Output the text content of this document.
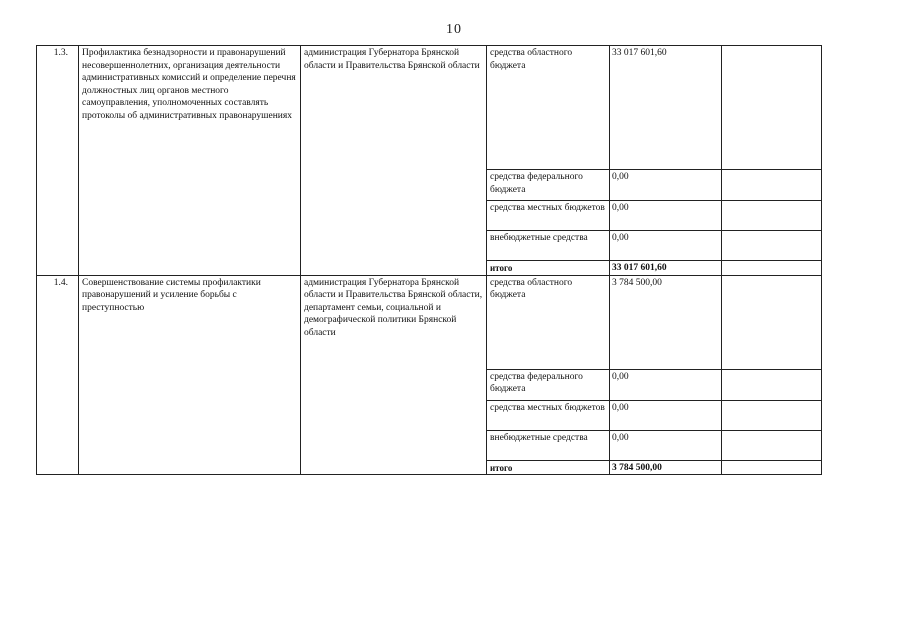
10
1.3.	Профилактика безнадзорности и правонарушений несовершеннолетних, организация деятельности административных комиссий и определение перечня должностных лиц органов местного самоуправления, уполномоченных составлять протоколы об административных правонарушениях	администрация Губернатора Брянской области и Правительства Брянской области	средства областного бюджета	33 017 601,60	
			средства федерального бюджета	0,00	
			средства местных бюджетов	0,00	
			внебюджетные средства	0,00	
			итого	33 017 601,60	
1.4.	Совершенствование системы профилактики правонарушений и усиление борьбы с преступностью	администрация Губернатора Брянской области и Правительства Брянской области, департамент семьи, социальной и демографической политики Брянской области	средства областного бюджета	3 784 500,00	
			средства федерального бюджета	0,00	
			средства местных бюджетов	0,00	
			внебюджетные средства	0,00	
			итого	3 784 500,00	
